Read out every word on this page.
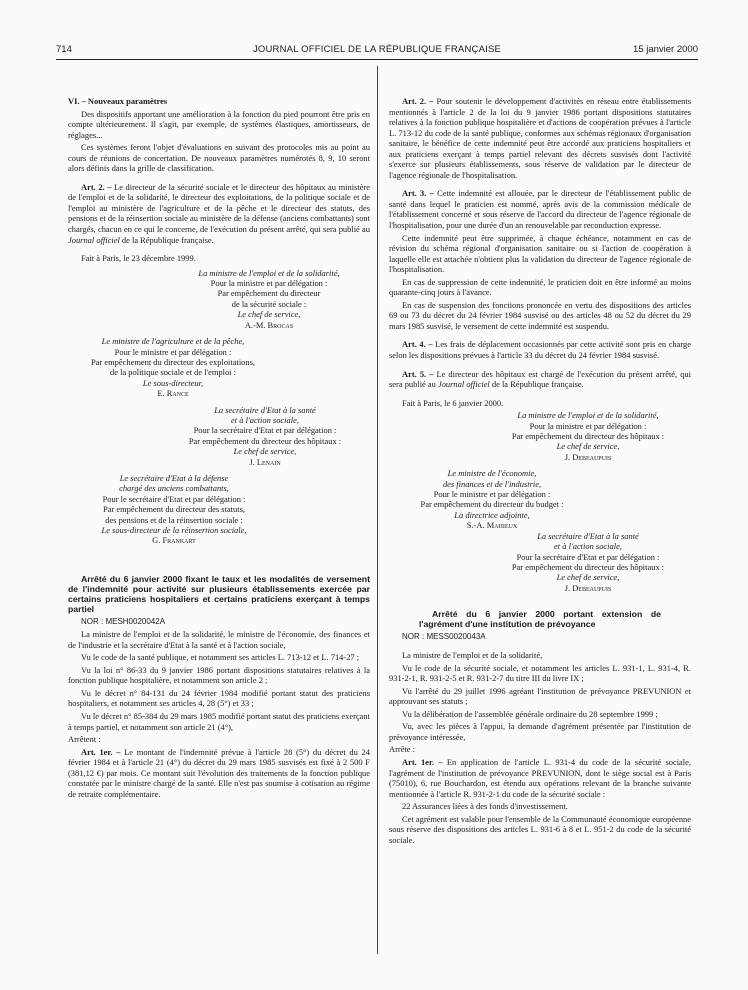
714	JOURNAL OFFICIEL DE LA RÉPUBLIQUE FRANÇAISE	15 janvier 2000

VI. – Nouveaux paramètres

Des dispositifs apportant une amélioration à la fonction du pied pourront être pris en compte ultérieurement. Il s'agit, par exemple, de systèmes élastiques, amortisseurs, de réglages...

Ces systèmes feront l'objet d'évaluations en suivant des protocoles mis au point au cours de réunions de concertation. De nouveaux paramètres numérotés 8, 9, 10 seront alors définis dans la grille de classification.

Art. 2. – Le directeur de la sécurité sociale et le directeur des hôpitaux au ministère de l'emploi et de la solidarité, le directeur des exploitations, de la politique sociale et de l'emploi au ministère de l'agriculture et de la pêche et le directeur des statuts, des pensions et de la réinsertion sociale au ministère de la défense (anciens combattants) sont chargés, chacun en ce qui le concerne, de l'exécution du présent arrêté, qui sera publié au Journal officiel de la République française.

Fait à Paris, le 23 décembre 1999.

La ministre de l'emploi et de la solidarité,
Pour la ministre et par délégation :
Par empêchement du directeur
de la sécurité sociale :
Le chef de service,
A.-M. Brocas
Le ministre de l'agriculture et de la pêche,
Pour le ministre et par délégation :
Par empêchement du directeur des exploitations,
de la politique sociale et de l'emploi :
Le sous-directeur,
E. Rance
La secrétaire d'Etat à la santé
et à l'action sociale,
Pour la secrétaire d'Etat et par délégation :
Par empêchement du directeur des hôpitaux :
Le chef de service,
J. Lenain
Le secrétaire d'Etat à la défense
chargé des anciens combattants,
Pour le secrétaire d'Etat et par délégation :
Par empêchement du directeur des statuts,
des pensions et de la réinsertion sociale :
Le sous-directeur de la réinsertion sociale,
G. Frankart

Arrêté du 6 janvier 2000 fixant le taux et les modalités de versement de l'indemnité pour activité sur plusieurs établissements exercée par certains praticiens hospitaliers et certains praticiens exerçant à temps partiel

NOR : MESH0020042A

La ministre de l'emploi et de la solidarité, le ministre de l'économie, des finances et de l'industrie et la secrétaire d'Etat à la santé et à l'action sociale,

Vu le code de la santé publique, et notamment ses articles L. 713-12 et L. 714-27 ;

Vu la loi n° 86-33 du 9 janvier 1986 portant dispositions statutaires relatives à la fonction publique hospitalière, et notamment son article 2 ;

Vu le décret n° 84-131 du 24 février 1984 modifié portant statut des praticiens hospitaliers, et notamment ses articles 4, 28 (5°) et 33 ;

Vu le décret n° 85-384 du 29 mars 1985 modifié portant statut des praticiens exerçant à temps partiel, et notamment son article 21 (4°),

Arrêtent :

Art. 1er. – Le montant de l'indemnité prévue à l'article 28 (5°) du décret du 24 février 1984 et à l'article 21 (4°) du décret du 29 mars 1985 susvisés est fixé à 2 500 F (381,12 €) par mois. Ce montant suit l'évolution des traitements de la fonction publique constatée par le ministre chargé de la santé. Elle n'est pas soumise à cotisation au régime de retraite complémentaire.

Art. 2. – Pour soutenir le développement d'activités en réseau entre établissements mentionnés à l'article 2 de la loi du 9 janvier 1986 portant dispositions statutaires relatives à la fonction publique hospitalière et d'actions de coopération prévues à l'article L. 713-12 du code de la santé publique, conformes aux schémas régionaux d'organisation sanitaire, le bénéfice de cette indemnité peut être accordé aux praticiens hospitaliers et aux praticiens exerçant à temps partiel relevant des décrets susvisés dont l'activité s'exerce sur plusieurs établissements, sous réserve de validation par le directeur de l'agence régionale de l'hospitalisation.

Art. 3. – Cette indemnité est allouée, par le directeur de l'établissement public de santé dans lequel le praticien est nommé, après avis de la commission médicale de l'établissement concerné et sous réserve de l'accord du directeur de l'agence régionale de l'hospitalisation, pour une durée d'un an renouvelable par reconduction expresse.

Cette indemnité peut être supprimée, à chaque échéance, notamment en cas de révision du schéma régional d'organisation sanitaire ou si l'action de coopération à laquelle elle est attachée n'obtient plus la validation du directeur de l'agence régionale de l'hospitalisation.

En cas de suppression de cette indemnité, le praticien doit en être informé au moins quarante-cinq jours à l'avance.

En cas de suspension des fonctions prononcée en vertu des dispositions des articles 69 ou 73 du décret du 24 février 1984 susvisé ou des articles 48 ou 52 du décret du 29 mars 1985 susvisé, le versement de cette indemnité est suspendu.

Art. 4. – Les frais de déplacement occasionnés par cette activité sont pris en charge selon les dispositions prévues à l'article 33 du décret du 24 février 1984 susvisé.

Art. 5. – Le directeur des hôpitaux est chargé de l'exécution du présent arrêté, qui sera publié au Journal officiel de la République française.

Fait à Paris, le 6 janvier 2000.

La ministre de l'emploi et de la solidarité,
Pour la ministre et par délégation :
Par empêchement du directeur des hôpitaux :
Le chef de service,
J. Debeaupuis
Le ministre de l'économie,
des finances et de l'industrie,
Pour le ministre et par délégation :
Par empêchement du directeur du budget :
La directrice adjointe,
S.-A. Mahieux
La secrétaire d'Etat à la santé
et à l'action sociale,
Pour la secrétaire d'Etat et par délégation :
Par empêchement du directeur des hôpitaux :
Le chef de service,
J. Debeaupuis

Arrêté du 6 janvier 2000 portant extension de l'agrément d'une institution de prévoyance

NOR : MESS0020043A

La ministre de l'emploi et de la solidarité,

Vu le code de la sécurité sociale, et notamment les articles L. 931-1, L. 931-4, R. 931-2-1, R. 931-2-5 et R. 931-2-7 du titre III du livre IX ;

Vu l'arrêté du 29 juillet 1996 agréant l'institution de prévoyance PREVUNION et approuvant ses statuts ;

Vu la délibération de l'assemblée générale ordinaire du 28 septembre 1999 ;

Vu, avec les pièces à l'appui, la demande d'agrément présentée par l'institution de prévoyance intéressée,

Arrête :

Art. 1er. – En application de l'article L. 931-4 du code de la sécurité sociale, l'agrément de l'institution de prévoyance PREVUNION, dont le siège social est à Paris (75010), 6, rue Bouchardon, est étendu aux opérations relevant de la branche suivante mentionnée à l'article R. 931-2-1 du code de la sécurité sociale :

22 Assurances liées à des fonds d'investissement.

Cet agrément est valable pour l'ensemble de la Communauté économique européenne sous réserve des dispositions des articles L. 931-6 à 8 et L. 951-2 du code de la sécurité sociale.
